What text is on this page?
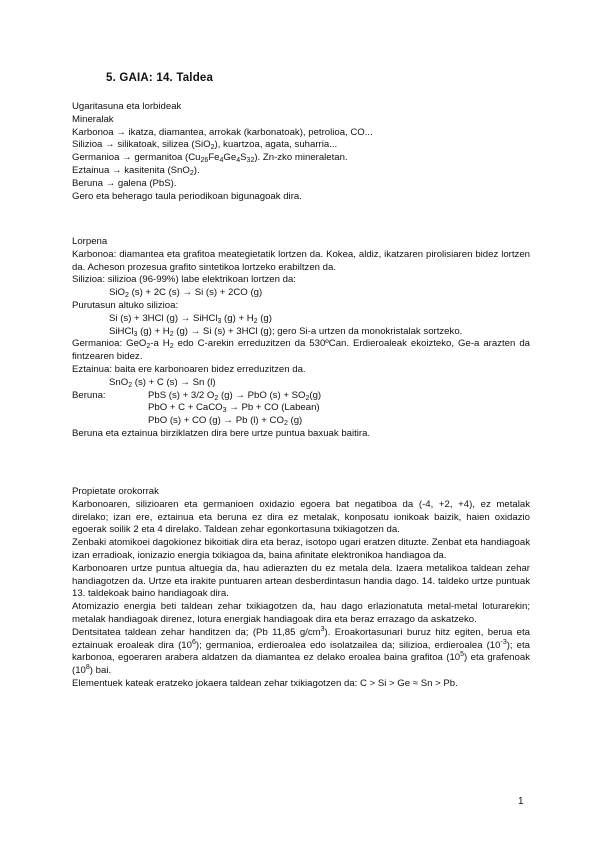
5. GAIA: 14. Taldea

Ugaritasuna eta lorbideak

Mineralak

Karbonoa → ikatza, diamantea, arrokak (karbonatoak), petrolioa, CO...

Silizioa → silikatoak, silizea (SiO$_2$), kuartzoa, agata, suharria...

Germanioa → germanitoa $(Cu_{26}Fe_4Ge_4S_{32})$. Zn-zko mineraletan.

Eztainua → kasitenita (SnO$_2$).

Beruna → galena (PbS).

Gero eta beherago taula periodikoan bigunagoak dira.

Lorpena

Karbonoa: diamantea eta grafitoa meategietatik lortzen da. Kokea, aldiz, ikatzaren pirolisiaren bidez lortzen da. Acheson prozesua grafito sintetikoa lortzeko erabiltzen da.

Silizioa: silizioa (96-99%) labe elektrikoan lortzen da:

SiO$_2$ (s) + 2C (s) → Si (s) + 2CO (g)

Purutasun altuko silizioa:

Si (s) + 3HCl (g) → SiHCl$_3$ $(g) + H_2$ (g)

SiHCl$_3$ $(g) + H_2$ (g) → Si (s) + 3HCl (g); gero Si-a urtzen da monokristalak sortzeko.

Germanioa: GeO$_2$-a $H_2$ edo C-arekin erreduzitzen da 530ºCan. Erdieroaleak ekoizteko, Ge-a arazten da fintzearen bidez.

Eztainua: baita ere karbonoaren bidez erreduzitzen da.

SnO$_2$ (s) + C (s) → Sn (l)

Beruna:	PbS (s) + 3/2 $O_2$ (g) → PbO $(s) + SO_2(g)$

PbO + C + CaCO$_3$ → Pb + CO (Labean)

PbO (s) + CO (g) → Pb $(l) + CO_2$ (g)

Beruna eta eztainua birziklatzen dira bere urtze puntua baxuak baitira.

Propietate orokorrak

Karbonoaren, silizioaren eta germanioen oxidazio egoera bat negatiboa da (-4, +2, +4), ez metalak direlako; izan ere, eztainua eta beruna ez dira ez metalak, konposatu ionikoak baizik, haien oxidazio egoerak soilik 2 eta 4 direlako. Taldean zehar egonkortasuna txikiagotzen da.

Zenbaki atomikoei dagokionez bikoitiak dira eta beraz, isotopo ugari eratzen dituzte. Zenbat eta handiagoak izan erradioak, ionizazio energia txikiagoa da, baina afinitate elektronikoa handiagoa da.

Karbonoaren urtze puntua altuegia da, hau adierazten du ez metala dela. Izaera metalikoa taldean zehar handiagotzen da. Urtze eta irakite puntuaren artean desberdintasun handia dago. 14. taldeko urtze puntuak 13. taldekoak baino handiagoak dira.

Atomizazio energia beti taldean zehar txikiagotzen da, hau dago erlazionatuta metal-metal loturarekin; metalak handiagoak direnez, lotura energiak handiagoak dira eta beraz errazago da askatzeko.

Dentsitatea taldean zehar handitzen da; (Pb 11,85 $g/cm^3$). Eroakortasunari buruz hitz egiten, berua eta eztainuak eroaleak dira $(10^6)$; germanioa, erdieroalea edo isolatzailea da; silizioa, erdieroalea $(10^{-3})$; eta karbonoa, egoeraren arabera aldatzen da diamantea ez delako eroalea baina grafitoa $(10^5)$ eta grafenoak $(10^8)$ bai.

Elementuek kateak eratzeko jokaera taldean zehar txikiagotzen da: C > Si > Ge ≈ Sn > Pb.

1
